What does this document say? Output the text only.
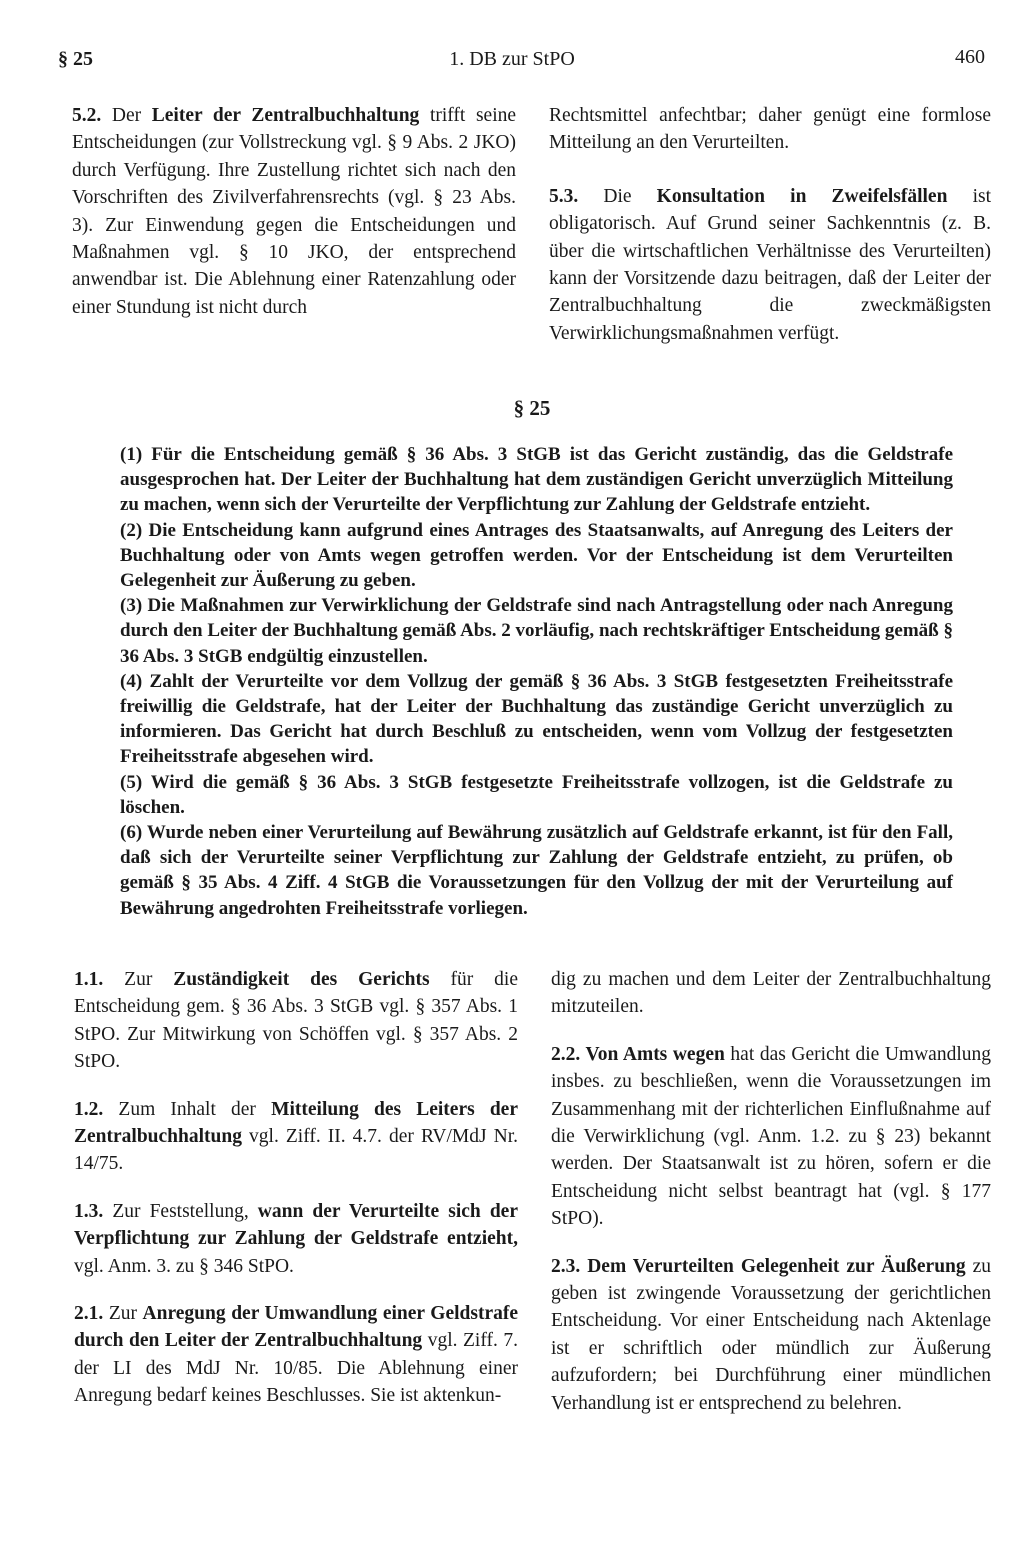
§ 25	1. DB zur StPO	460

5.2. Der Leiter der Zentralbuchhaltung trifft seine Entscheidungen (zur Vollstreckung vgl. § 9 Abs. 2 JKO) durch Verfügung. Ihre Zustellung richtet sich nach den Vorschriften des Zivilverfahrensrechts (vgl. § 23 Abs. 3). Zur Einwendung gegen die Entscheidungen und Maßnahmen vgl. § 10 JKO, der entsprechend anwendbar ist. Die Ablehnung einer Ratenzahlung oder einer Stundung ist nicht durch

Rechtsmittel anfechtbar; daher genügt eine formlose Mitteilung an den Verurteilten.

5.3. Die Konsultation in Zweifelsfällen ist obligatorisch. Auf Grund seiner Sachkenntnis (z. B. über die wirtschaftlichen Verhältnisse des Verurteilten) kann der Vorsitzende dazu beitragen, daß der Leiter der Zentralbuchhaltung die zweckmäßigsten Verwirklichungsmaßnahmen verfügt.

§ 25

(1) Für die Entscheidung gemäß § 36 Abs. 3 StGB ist das Gericht zuständig, das die Geldstrafe ausgesprochen hat. Der Leiter der Buchhaltung hat dem zuständigen Gericht unverzüglich Mitteilung zu machen, wenn sich der Verurteilte der Verpflichtung zur Zahlung der Geldstrafe entzieht.

(2) Die Entscheidung kann aufgrund eines Antrages des Staatsanwalts, auf Anregung des Leiters der Buchhaltung oder von Amts wegen getroffen werden. Vor der Entscheidung ist dem Verurteilten Gelegenheit zur Äußerung zu geben.

(3) Die Maßnahmen zur Verwirklichung der Geldstrafe sind nach Antragstellung oder nach Anregung durch den Leiter der Buchhaltung gemäß Abs. 2 vorläufig, nach rechtskräftiger Entscheidung gemäß § 36 Abs. 3 StGB endgültig einzustellen.

(4) Zahlt der Verurteilte vor dem Vollzug der gemäß § 36 Abs. 3 StGB festgesetzten Freiheitsstrafe freiwillig die Geldstrafe, hat der Leiter der Buchhaltung das zuständige Gericht unverzüglich zu informieren. Das Gericht hat durch Beschluß zu entscheiden, wenn vom Vollzug der festgesetzten Freiheitsstrafe abgesehen wird.

(5) Wird die gemäß § 36 Abs. 3 StGB festgesetzte Freiheitsstrafe vollzogen, ist die Geldstrafe zu löschen.

(6) Wurde neben einer Verurteilung auf Bewährung zusätzlich auf Geldstrafe erkannt, ist für den Fall, daß sich der Verurteilte seiner Verpflichtung zur Zahlung der Geldstrafe entzieht, zu prüfen, ob gemäß § 35 Abs. 4 Ziff. 4 StGB die Voraussetzungen für den Vollzug der mit der Verurteilung auf Bewährung angedrohten Freiheitsstrafe vorliegen.

1.1. Zur Zuständigkeit des Gerichts für die Entscheidung gem. § 36 Abs. 3 StGB vgl. § 357 Abs. 1 StPO. Zur Mitwirkung von Schöffen vgl. § 357 Abs. 2 StPO.

1.2. Zum Inhalt der Mitteilung des Leiters der Zentralbuchhaltung vgl. Ziff. II. 4.7. der RV/MdJ Nr. 14/75.

1.3. Zur Feststellung, wann der Verurteilte sich der Verpflichtung zur Zahlung der Geldstrafe entzieht, vgl. Anm. 3. zu § 346 StPO.

2.1. Zur Anregung der Umwandlung einer Geldstrafe durch den Leiter der Zentralbuchhaltung vgl. Ziff. 7. der LI des MdJ Nr. 10/85. Die Ablehnung einer Anregung bedarf keines Beschlusses. Sie ist aktenkun-

dig zu machen und dem Leiter der Zentralbuchhaltung mitzuteilen.

2.2. Von Amts wegen hat das Gericht die Umwandlung insbes. zu beschließen, wenn die Voraussetzungen im Zusammenhang mit der richterlichen Einflußnahme auf die Verwirklichung (vgl. Anm. 1.2. zu § 23) bekannt werden. Der Staatsanwalt ist zu hören, sofern er die Entscheidung nicht selbst beantragt hat (vgl. § 177 StPO).

2.3. Dem Verurteilten Gelegenheit zur Äußerung zu geben ist zwingende Voraussetzung der gerichtlichen Entscheidung. Vor einer Entscheidung nach Aktenlage ist er schriftlich oder mündlich zur Äußerung aufzufordern; bei Durchführung einer mündlichen Verhandlung ist er entsprechend zu belehren.
